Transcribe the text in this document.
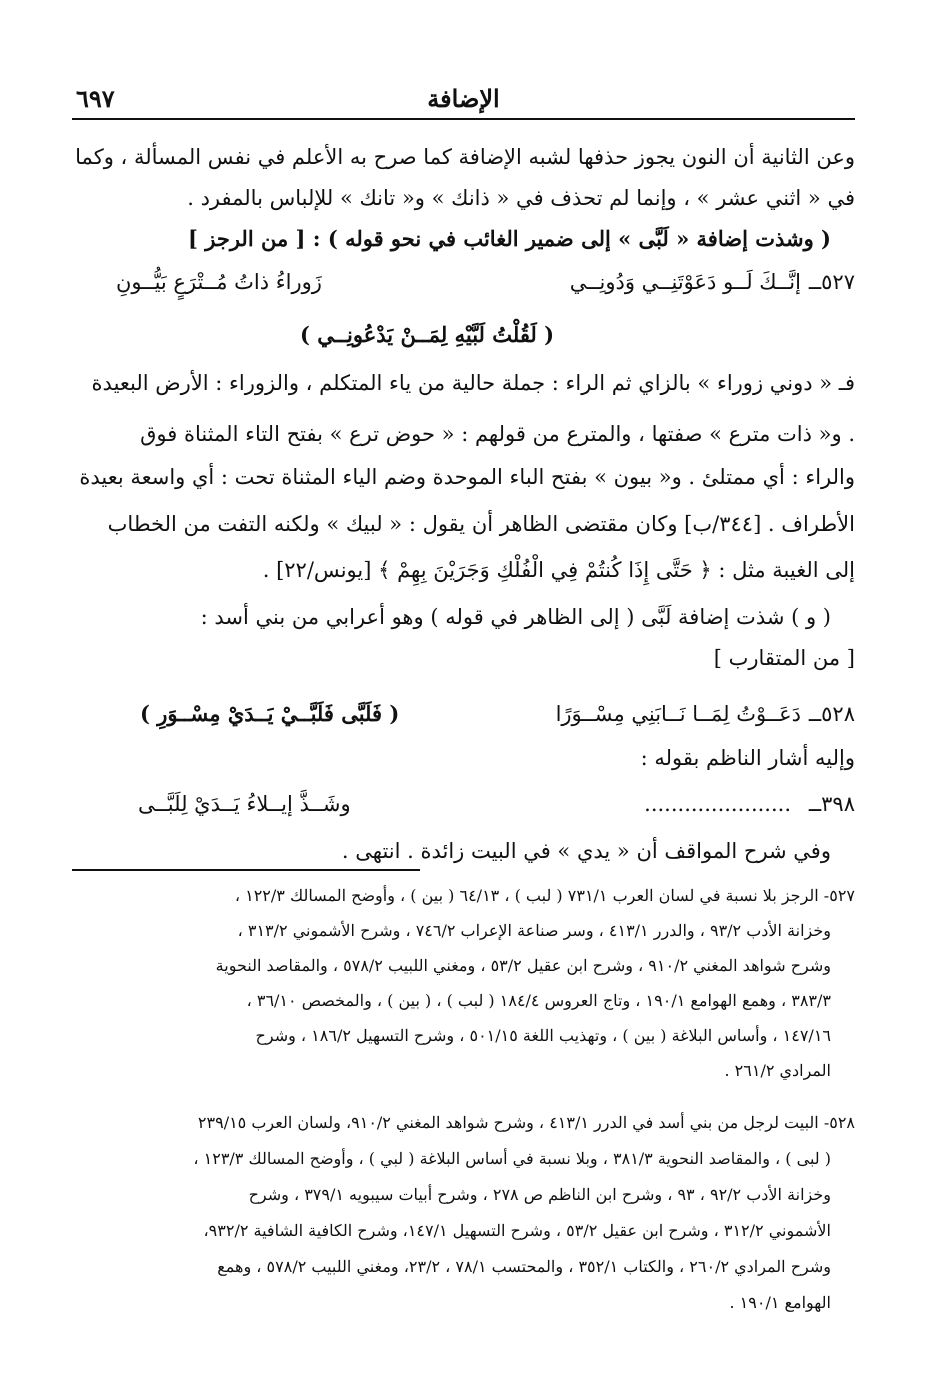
الإضافة
٦٩٧
وعن الثانية أن النون يجوز حذفها لشبه الإضافة كما صرح به الأعلم في نفس المسألة ، وكما
في « اثني عشر » ، وإنما لم تحذف في « ذانك » و« تانك » للإلباس بالمفرد .
( وشذت إضافة « لَبَّى » إلى ضمير الغائب في نحو قوله ) : [ من الرجز ]
٥٢٧ــ
إنَّــكَ لَــو دَعَوْتَنِــي وَدُونِــي
زَوراءُ ذاتُ مُــتْرَعٍ بَيُّــونِ
( لَقُلْتُ لَبَّيْهِ لِمَــنْ يَدْعُونِــي )
فـ « دوني زوراء » بالزاي ثم الراء : جملة حالية من ياء المتكلم ، والزوراء : الأرض البعيدة
. و« ذات مترع » صفتها ، والمترع من قولهم : « حوض ترع » بفتح التاء المثناة فوق
والراء : أي ممتلئ . و« بيون » بفتح الباء الموحدة وضم الياء المثناة تحت : أي واسعة بعيدة
الأطراف . [٣٤٤/ب] وكان مقتضى الظاهر أن يقول : « لبيك » ولكنه التفت من الخطاب
إلى الغيبة مثل : ﴿ حَتَّى إِذَا كُنتُمْ فِي الْفُلْكِ وَجَرَيْنَ بِهِمْ ﴾ [يونس/٢٢] .
( و ) شذت إضافة لَبَّى ( إلى الظاهر في قوله ) وهو أعرابي من بني أسد :
[ من المتقارب ]
٥٢٨ــ
دَعَــوْتُ لِمَــا نَــابَنِي مِسْــوَرًا
( فَلَبَّى فَلَبَّــيْ يَــدَيْ مِسْــوَرِ )
وإليه أشار الناظم بقوله :
٣٩٨ــ
......................
وشَــذَّ إيــلاءُ يَــدَيْ لِلَبَّــى
وفي شرح المواقف أن « يدي » في البيت زائدة . انتهى .
٥٢٧- الرجز بلا نسبة في لسان العرب ٧٣١/١ ( لبب ) ، ٦٤/١٣ ( بين ) ، وأوضح المسالك ١٢٢/٣ ،
وخزانة الأدب ٩٣/٢ ، والدرر ٤١٣/١ ، وسر صناعة الإعراب ٧٤٦/٢ ، وشرح الأشموني ٣١٣/٢ ،
وشرح شواهد المغني ٩١٠/٢ ، وشرح ابن عقيل ٥٣/٢ ، ومغني اللبيب ٥٧٨/٢ ، والمقاصد النحوية
٣٨٣/٣ ، وهمع الهوامع ١٩٠/١ ، وتاج العروس ١٨٤/٤ ( لبب ) ، ( بين ) ، والمخصص ٣٦/١٠ ،
١٤٧/١٦ ، وأساس البلاغة ( بين ) ، وتهذيب اللغة ٥٠١/١٥ ، وشرح التسهيل ١٨٦/٢ ، وشرح
المرادي ٢٦١/٢ .
٥٢٨- البيت لرجل من بني أسد في الدرر ٤١٣/١ ، وشرح شواهد المغني ٩١٠/٢، ولسان العرب ٢٣٩/١٥
( لبى ) ، والمقاصد النحوية ٣٨١/٣ ، وبلا نسبة في أساس البلاغة ( لبي ) ، وأوضح المسالك ١٢٣/٣ ،
وخزانة الأدب ٩٢/٢ ، ٩٣ ، وشرح ابن الناظم ص ٢٧٨ ، وشرح أبيات سيبويه ٣٧٩/١ ، وشرح
الأشموني ٣١٢/٢ ، وشرح ابن عقيل ٥٣/٢ ، وشرح التسهيل ١٤٧/١، وشرح الكافية الشافية ٩٣٢/٢،
وشرح المرادي ٢٦٠/٢ ، والكتاب ٣٥٢/١ ، والمحتسب ٧٨/١ ، ٢٣/٢، ومغني اللبيب ٥٧٨/٢ ، وهمع
الهوامع ١٩٠/١ .
